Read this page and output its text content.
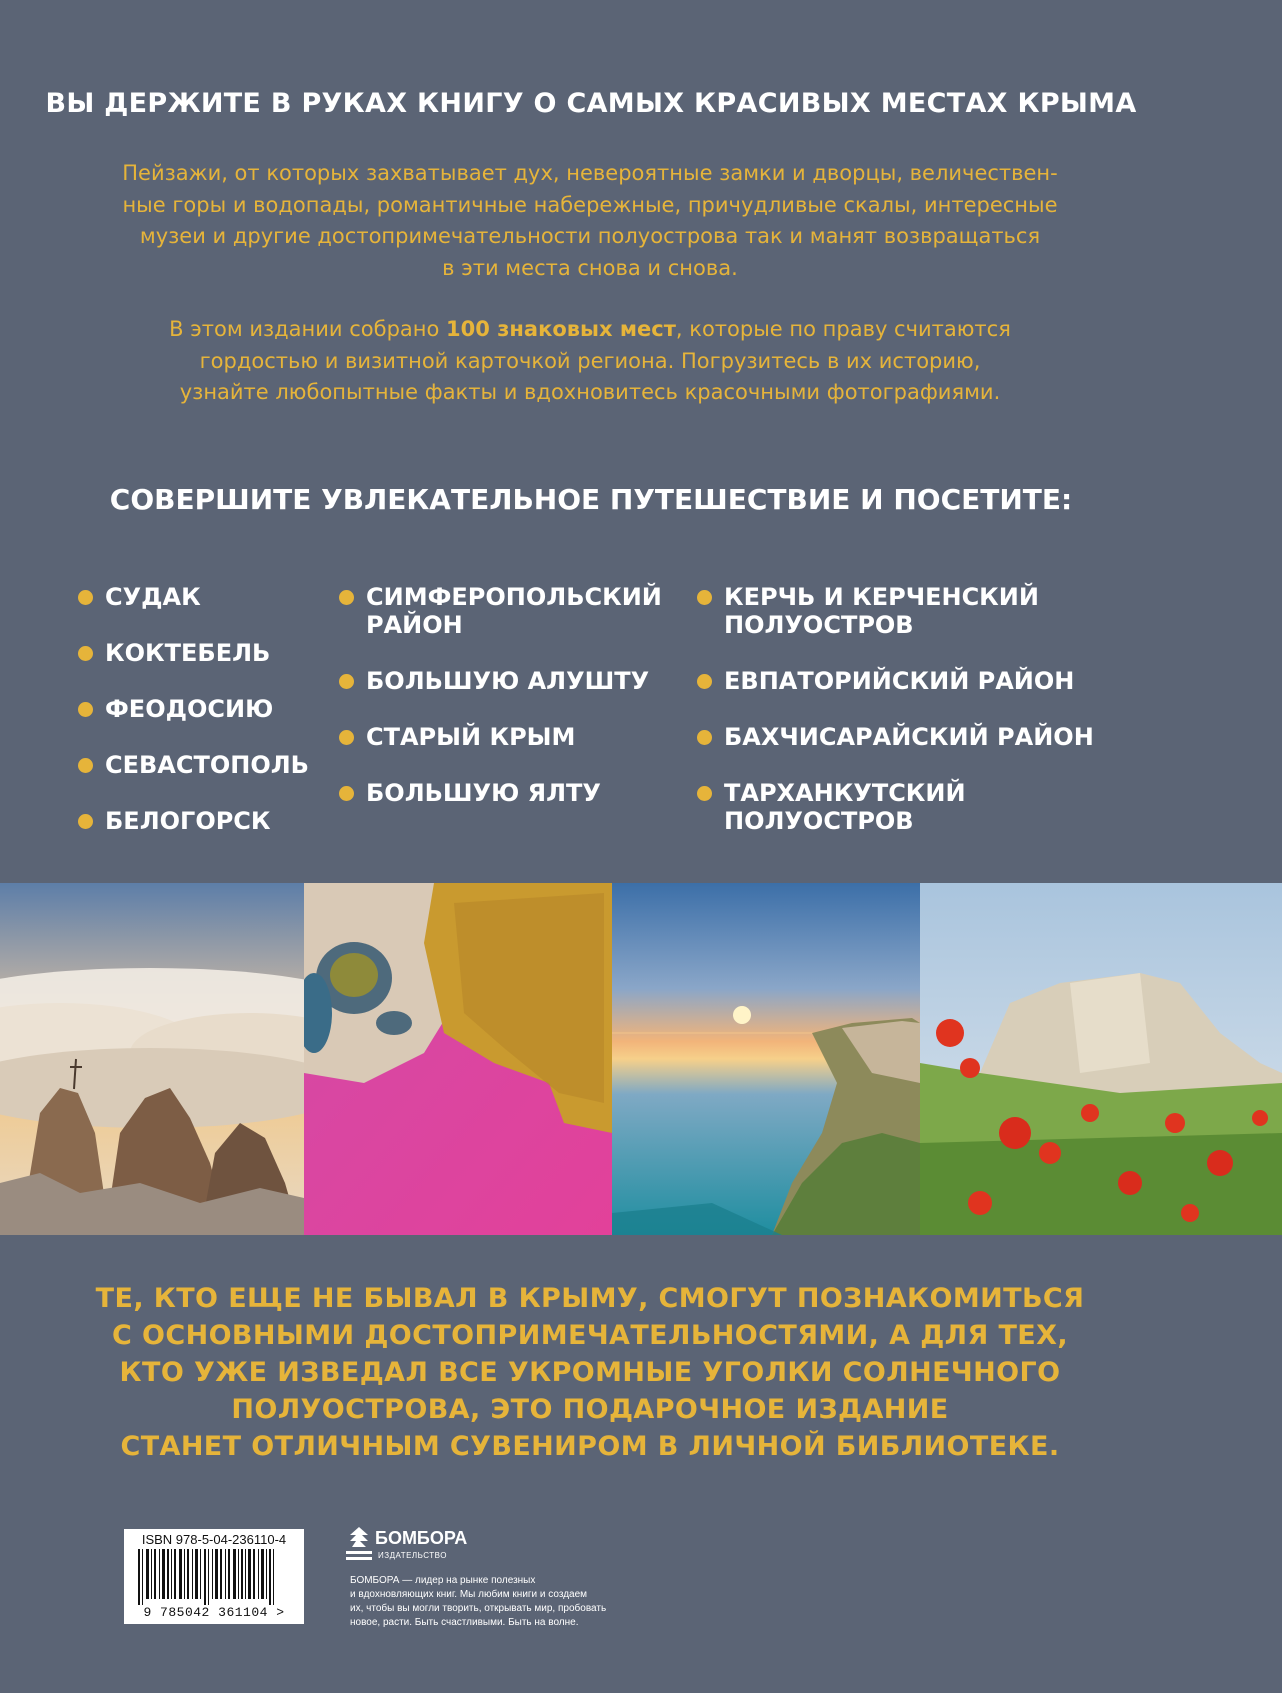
ВЫ ДЕРЖИТЕ В РУКАХ КНИГУ О САМЫХ КРАСИВЫХ МЕСТАХ КРЫМА
Пейзажи, от которых захватывает дух, невероятные замки и дворцы, величествен-
ные горы и водопады, романтичные набережные, причудливые скалы, интересные
музеи и другие достопримечательности полуострова так и манят возвращаться
в эти места снова и снова.
В этом издании собрано 100 знаковых мест, которые по праву считаются
гордостью и визитной карточкой региона. Погрузитесь в их историю,
узнайте любопытные факты и вдохновитесь красочными фотографиями.
СОВЕРШИТЕ УВЛЕКАТЕЛЬНОЕ ПУТЕШЕСТВИЕ И ПОСЕТИТЕ:
СУДАК
КОКТЕБЕЛЬ
ФЕОДОСИЮ
СЕВАСТОПОЛЬ
БЕЛОГОРСК
СИМФЕРОПОЛЬСКИЙ
РАЙОН
БОЛЬШУЮ АЛУШТУ
СТАРЫЙ КРЫМ
БОЛЬШУЮ ЯЛТУ
КЕРЧЬ И КЕРЧЕНСКИЙ
ПОЛУОСТРОВ
ЕВПАТОРИЙСКИЙ РАЙОН
БАХЧИСАРАЙСКИЙ РАЙОН
ТАРХАНКУТСКИЙ
ПОЛУОСТРОВ
ТЕ, КТО ЕЩЕ НЕ БЫВАЛ В КРЫМУ, СМОГУТ ПОЗНАКОМИТЬСЯ
С ОСНОВНЫМИ ДОСТОПРИМЕЧАТЕЛЬНОСТЯМИ, А ДЛЯ ТЕХ,
КТО УЖЕ ИЗВЕДАЛ ВСЕ УКРОМНЫЕ УГОЛКИ СОЛНЕЧНОГО
ПОЛУОСТРОВА, ЭТО ПОДАРОЧНОЕ ИЗДАНИЕ
СТАНЕТ ОТЛИЧНЫМ СУВЕНИРОМ В ЛИЧНОЙ БИБЛИОТЕКЕ.
ISBN 978-5-04-236110-4
9 785042 361104 >
БОМБОРА
ИЗДАТЕЛЬСТВО
БОМБОРА — лидер на рынке полезных
и вдохновляющих книг. Мы любим книги и создаем
их, чтобы вы могли творить, открывать мир, пробовать
новое, расти. Быть счастливыми. Быть на волне.
